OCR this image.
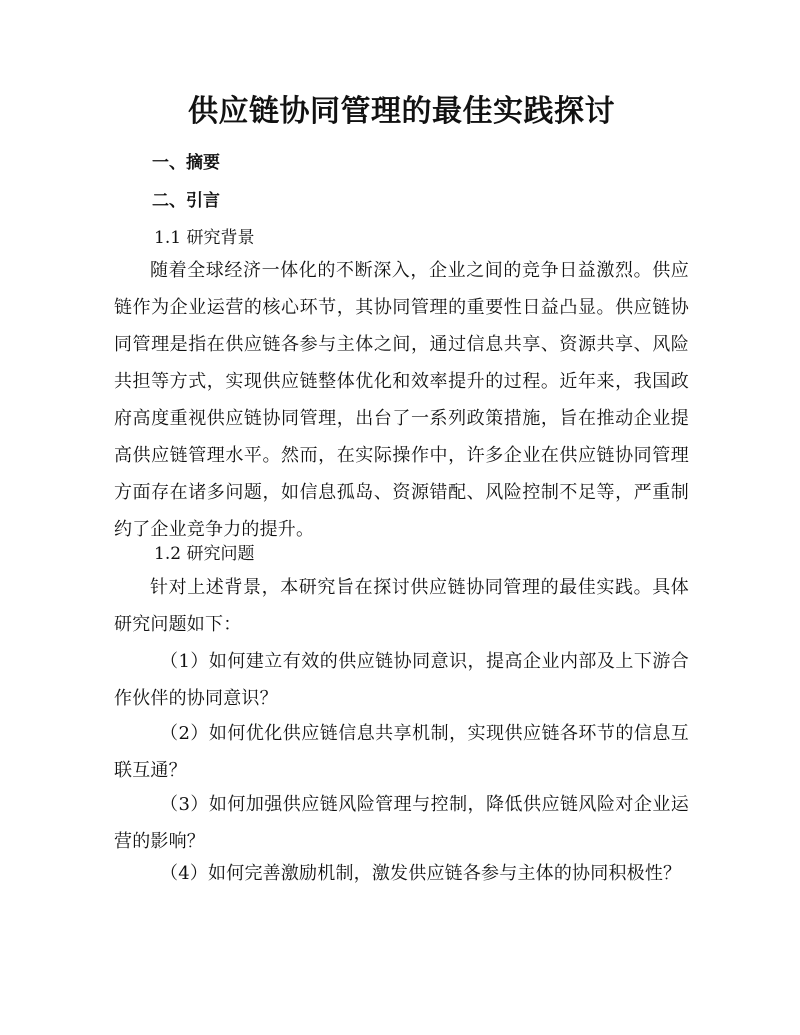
供应链协同管理的最佳实践探讨
一、摘要
二、引言
1.1 研究背景

随着全球经济一体化的不断深入，企业之间的竞争日益激烈。供应链作为企业运营的核心环节，其协同管理的重要性日益凸显。供应链协同管理是指在供应链各参与主体之间，通过信息共享、资源共享、风险共担等方式，实现供应链整体优化和效率提升的过程。近年来，我国政府高度重视供应链协同管理，出台了一系列政策措施，旨在推动企业提高供应链管理水平。然而，在实际操作中，许多企业在供应链协同管理方面存在诸多问题，如信息孤岛、资源错配、风险控制不足等，严重制约了企业竞争力的提升。

1.2 研究问题

针对上述背景，本研究旨在探讨供应链协同管理的最佳实践。具体研究问题如下：

（1）如何建立有效的供应链协同意识，提高企业内部及上下游合作伙伴的协同意识？

（2）如何优化供应链信息共享机制，实现供应链各环节的信息互联互通？

（3）如何加强供应链风险管理与控制，降低供应链风险对企业运营的影响？

（4）如何完善激励机制，激发供应链各参与主体的协同积极性？
